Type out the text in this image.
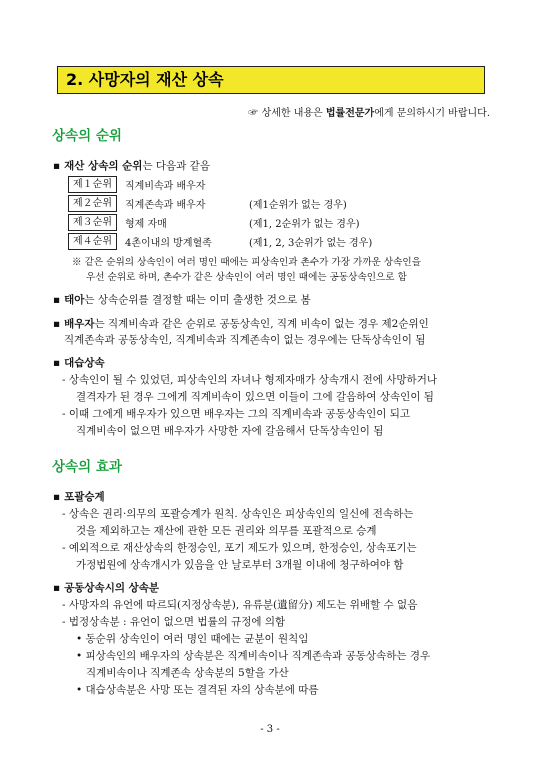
2. 사망자의 재산 상속
☞ 상세한 내용은 법률전문가에게 문의하시기 바랍니다.
상속의 순위
▪ 재산 상속의 순위는 다음과 같음
제１순위	직계비속과 배우자
제２순위	직계존속과 배우자	(제1순위가 없는 경우)
제３순위	형제 자매	(제1, 2순위가 없는 경우)
제４순위	4촌이내의 방계혈족	(제1, 2, 3순위가 없는 경우)
※ 같은 순위의 상속인이 여러 명인 때에는 피상속인과 촌수가 가장 가까운 상속인을
우선 순위로 하며, 촌수가 같은 상속인이 여러 명인 때에는 공동상속인으로 함
▪ 태아는 상속순위를 결정할 때는 이미 출생한 것으로 봄
▪ 배우자는 직계비속과 같은 순위로 공동상속인, 직계 비속이 없는 경우 제2순위인
직계존속과 공동상속인, 직계비속과 직계존속이 없는 경우에는 단독상속인이 됨
▪ 대습상속
- 상속인이 될 수 있었던, 피상속인의 자녀나 형제자매가 상속개시 전에 사망하거나
결격자가 된 경우 그에게 직계비속이 있으면 이들이 그에 갈음하여 상속인이 됨
- 이때 그에게 배우자가 있으면 배우자는 그의 직계비속과 공동상속인이 되고
직계비속이 없으면 배우자가 사망한 자에 갈음해서 단독상속인이 됨
상속의 효과
▪ 포괄승계
- 상속은 권리·의무의 포괄승계가 원칙. 상속인은 피상속인의 일신에 전속하는
것을 제외하고는 재산에 관한 모든 권리와 의무를 포괄적으로 승계
- 예외적으로 재산상속의 한정승인, 포기 제도가 있으며, 한정승인, 상속포기는
가정법원에 상속개시가 있음을 안 날로부터 3개월 이내에 청구하여야 함
▪ 공동상속시의 상속분
- 사망자의 유언에 따르되(지정상속분), 유류분(遺留分) 제도는 위배할 수 없음
- 법정상속분 : 유언이 없으면 법률의 규정에 의함
• 동순위 상속인이 여러 명인 때에는 균분이 원칙임
• 피상속인의 배우자의 상속분은 직계비속이나 직계존속과 공동상속하는 경우
직계비속이나 직계존속 상속분의 5할을 가산
• 대습상속분은 사망 또는 결격된 자의 상속분에 따름
- 3 -
